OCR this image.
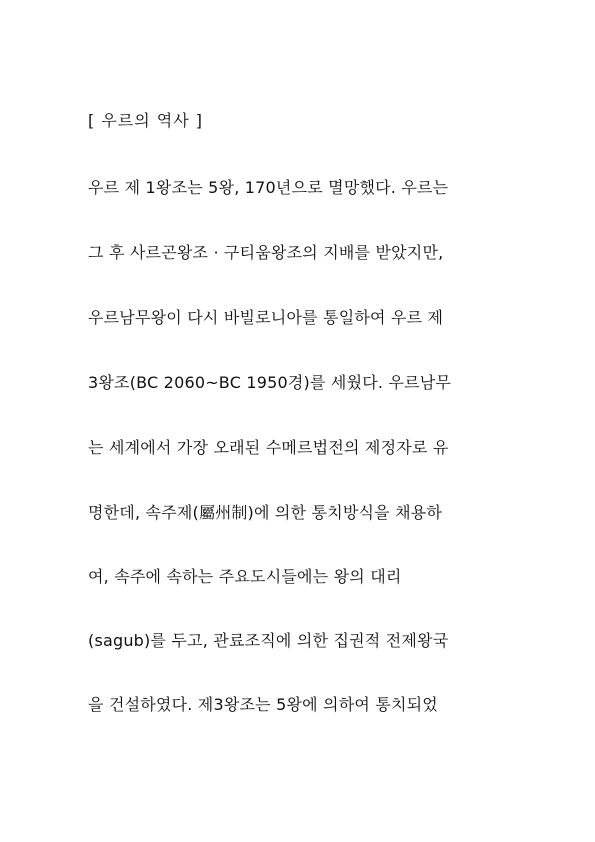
[ 우르의 역사 ]
우르 제 1왕조는 5왕, 170년으로 멸망했다. 우르는
그 후 사르곤왕조 · 구티움왕조의 지배를 받았지만,
우르남무왕이 다시 바빌로니아를 통일하여 우르 제
3왕조(BC 2060~BC 1950경)를 세웠다. 우르남무
는 세계에서 가장 오래된 수메르법전의 제정자로 유
명한데, 속주제(屬州制)에 의한 통치방식을 채용하
여, 속주에 속하는 주요도시들에는 왕의 대리
(sagub)를 두고, 관료조직에 의한 집권적 전제왕국
을 건설하였다. 제3왕조는 5왕에 의하여 통치되었
